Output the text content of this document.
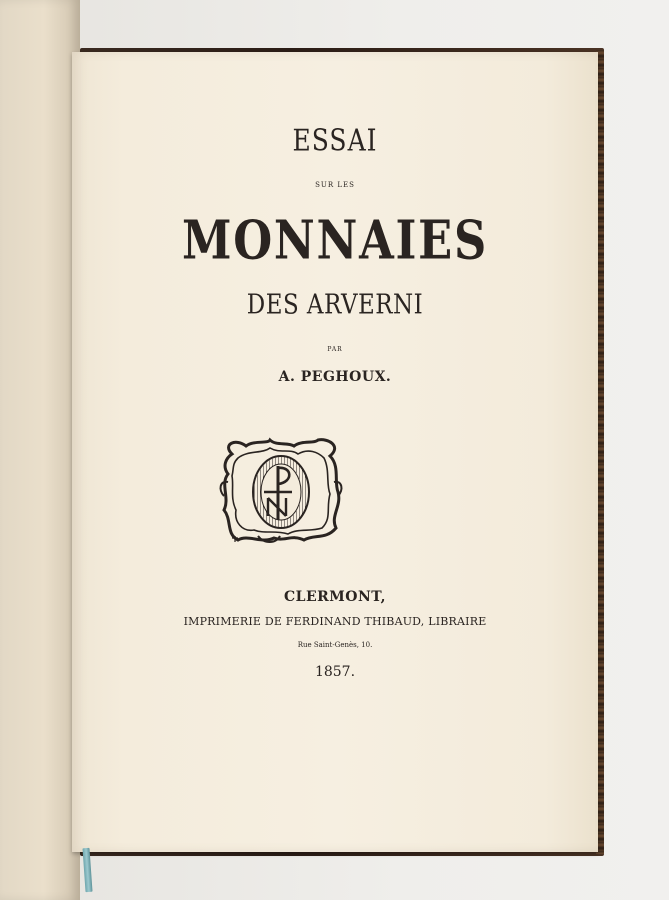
ESSAI

SUR LES

MONNAIES

DES ARVERNI

PAR

A. PEGHOUX.

CLERMONT,

IMPRIMERIE DE FERDINAND THIBAUD, LIBRAIRE

Rue Saint-Genès, 10.

1857.
